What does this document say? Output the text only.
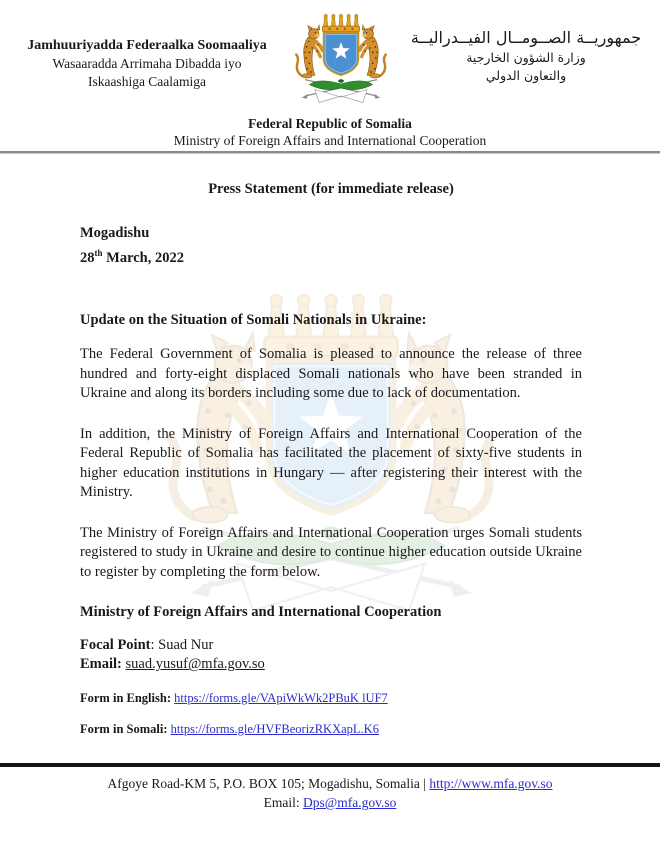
Jamhuuriyadda Federaalka Soomaaliya
Wasaaradda Arrimaha Dibadda iyo
Iskaashiga Caalamiga
جمهوريــة الصــومــال الفيــدراليــة
وزارة الشؤون الخارجية
والتعاون الدولي
Federal Republic of Somalia
Ministry of Foreign Affairs and International Cooperation
Press Statement (for immediate release)
Mogadishu
28th March, 2022
Update on the Situation of Somali Nationals in Ukraine:

The Federal Government of Somalia is pleased to announce the release of three hundred and forty-eight displaced Somali nationals who have been stranded in Ukraine and along its borders including some due to lack of documentation.

In addition, the Ministry of Foreign Affairs and International Cooperation of the Federal Republic of Somalia has facilitated the placement of sixty-five students in higher education institutions in Hungary — after registering their interest with the Ministry.

The Ministry of Foreign Affairs and International Cooperation urges Somali students registered to study in Ukraine and desire to continue higher education outside Ukraine to register by completing the form below.

Ministry of Foreign Affairs and International Cooperation
Focal Point: Suad Nur
Email: suad.yusuf@mfa.gov.so
Form in English: https://forms.gle/VApiWkWk2PBuK lUF7
Form in Somali: https://forms.gle/HVFBeorizRKXapL.K6
Afgoye Road-KM 5, P.O. BOX 105; Mogadishu, Somalia | http://www.mfa.gov.so
Email: Dps@mfa.gov.so
